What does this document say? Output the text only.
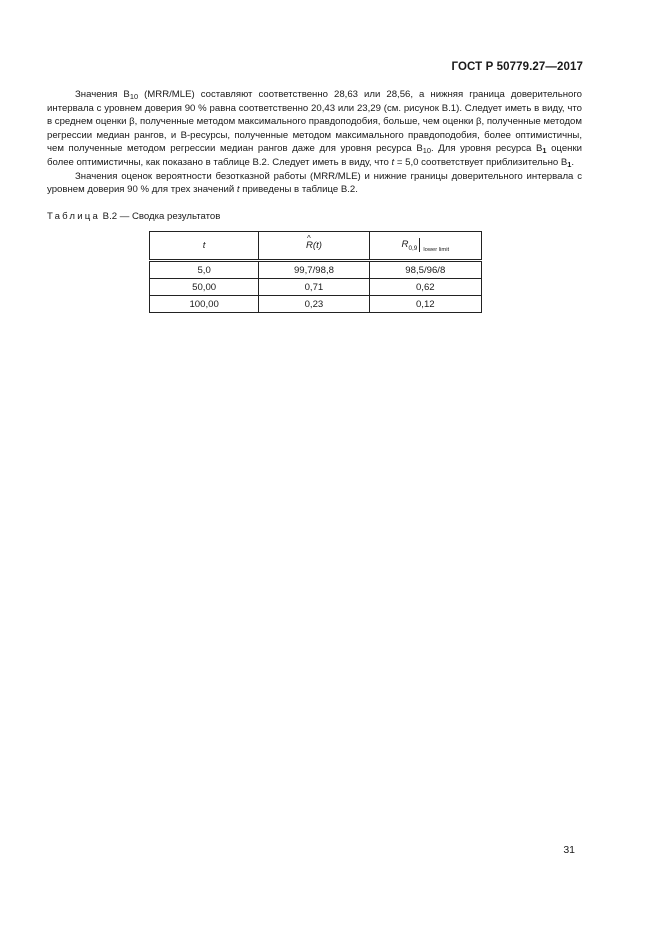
ГОСТ Р 50779.27—2017

Значения $B_{10}$ (MRR/MLE) составляют соответственно 28,63 или 28,56, а нижняя граница доверительного интервала с уровнем доверия 90 % равна соответственно 20,43 или 23,29 (см. рисунок В.1). Следует иметь в виду, что в среднем оценки β, полученные методом максимального правдоподобия, больше, чем оценки β, полученные методом регрессии медиан рангов, и B-ресурсы, полученные методом максимального правдоподобия, более оптимистичны, чем полученные методом регрессии медиан рангов даже для уровня ресурса $B_{10}$. Для уровня ресурса $B_1$ оценки более оптимистичны, как показано в таблице В.2. Следует иметь в виду, что t = 5,0 соответствует приблизительно $B_1$.

Значения оценок вероятности безотказной работы (MRR/MLE) и нижние границы доверительного интервала с уровнем доверия 90 % для трех значений t приведены в таблице В.2.

Таблица В.2 — Сводка результатов
t	^ R(t)	$R_{0,9}$ $_{lower limit}$
5,0	99,7/98,8	98,5/96/8
50,00	0,71	0,62
100,00	0,23	0,12
31
